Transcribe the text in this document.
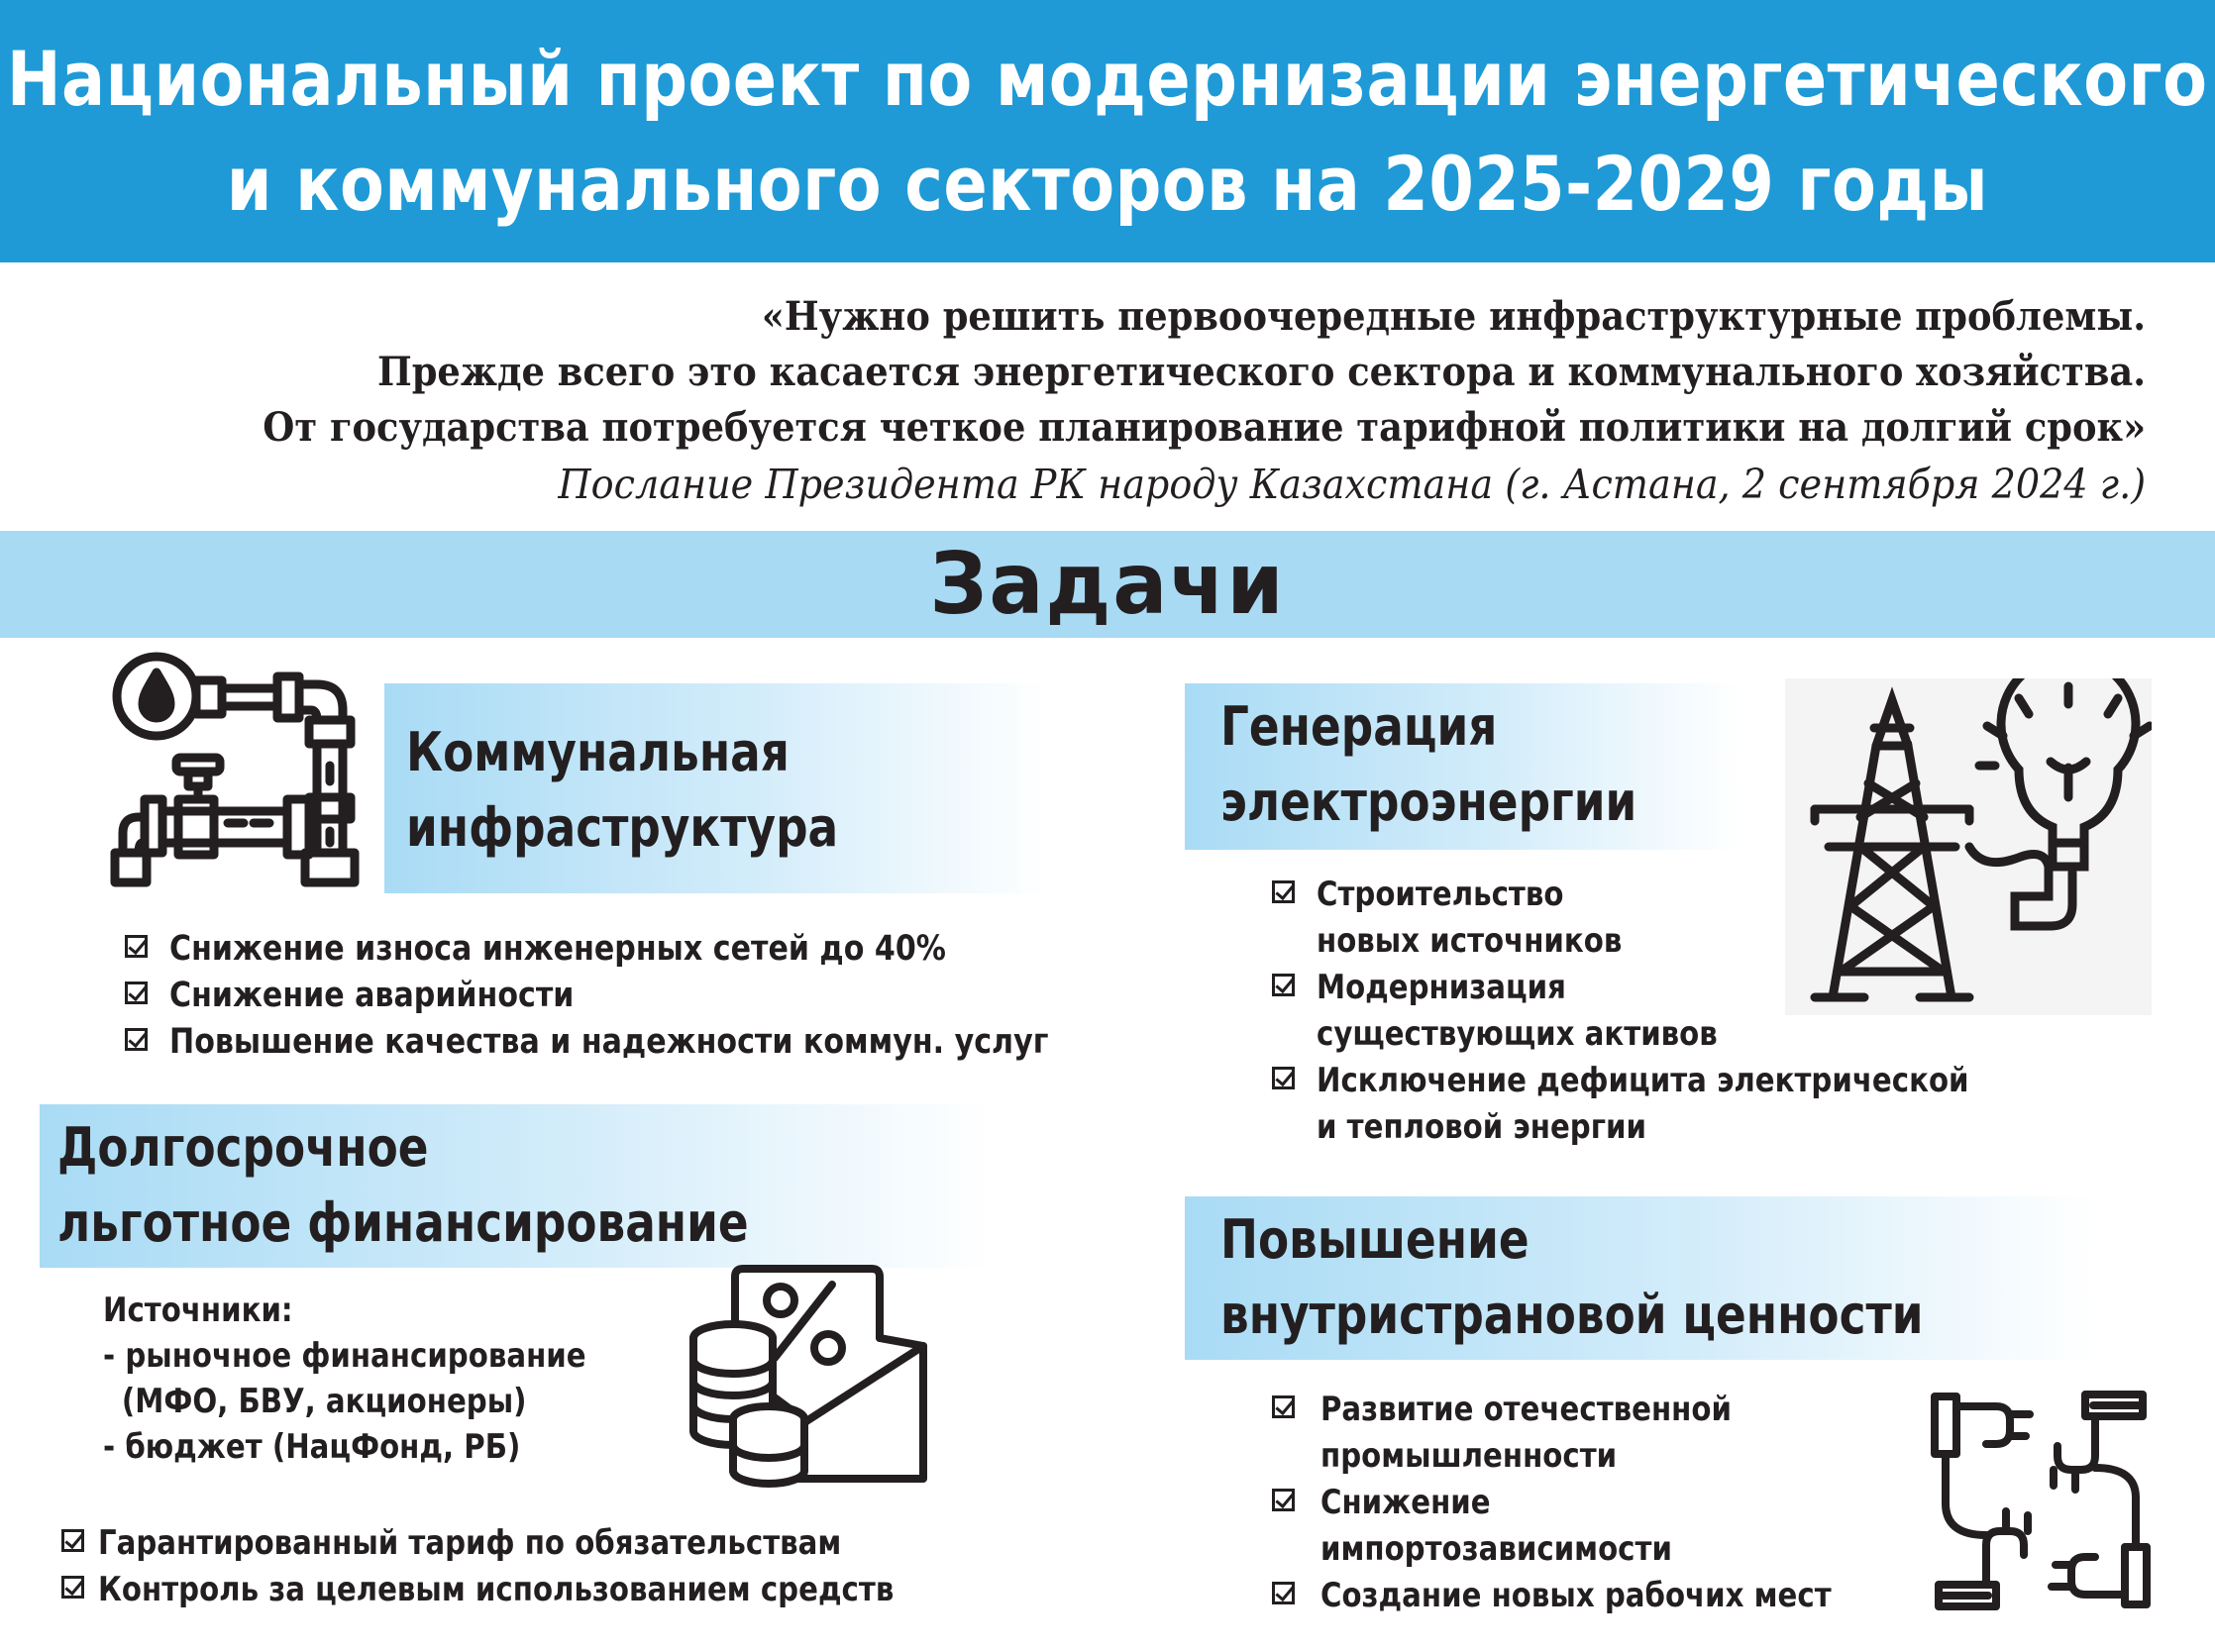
Национальный проект по модернизации энергетического
и коммунального секторов на 2025-2029 годы
«Нужно решить первоочередные инфраструктурные проблемы.
Прежде всего это касается энергетического сектора и коммунального хозяйства.
От государства потребуется четкое планирование тарифной политики на долгий срок»
Послание Президента РК народу Казахстана (г. Астана, 2 сентября 2024 г.)
Задачи
Коммунальная
инфраструктура
Снижение износа инженерных сетей до 40%
Снижение аварийности
Повышение качества и надежности коммун. услуг
Долгосрочное
льготное финансирование
Источники:
- рыночное финансирование
(МФО, БВУ, акционеры)
- бюджет (НацФонд, РБ)
Гарантированный тариф по обязательствам
Контроль за целевым использованием средств
Генерация
электроэнергии
Строительство
новых источников
Модернизация
существующих активов
Исключение дефицита электрической
и тепловой энергии
Повышение
внутристрановой ценности
Развитие отечественной
промышленности
Снижение
импортозависимости
Создание новых рабочих мест
